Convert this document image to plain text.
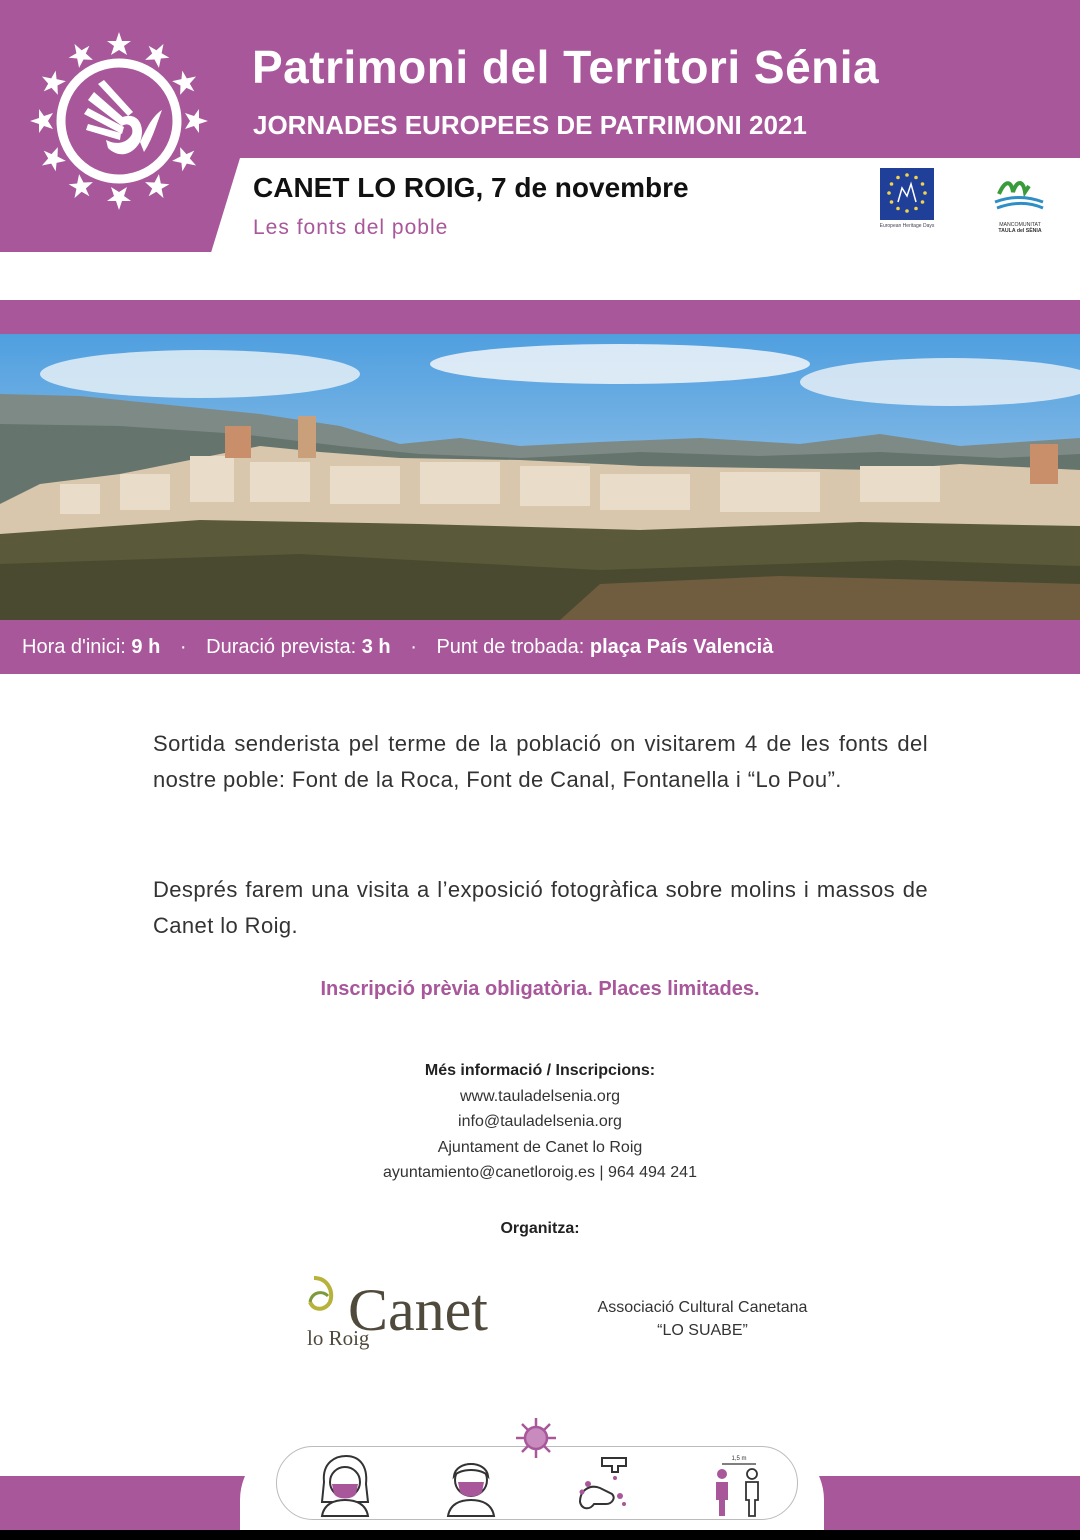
Patrimoni del Territori Sénia
JORNADES EUROPEES DE PATRIMONI 2021
CANET LO ROIG, 7 de novembre
Les fonts del poble	European Heritage Days	MANCOMUNITAT
TAULA del SÈNIA
Hora d'inici: 9 h · Duració prevista: 3 h · Punt de trobada: plaça País Valencià
Sortida senderista pel terme de la població on visitarem 4 de les fonts del nostre poble: Font de la Roca, Font de Canal, Fontanella i “Lo Pou”.
Després farem una visita a l’exposició fotogràfica sobre molins i massos de Canet lo Roig.
Inscripció prèvia obligatòria. Places limitades.
Més informació / Inscripcions:
www.tauladelsenia.org
info@tauladelsenia.org
Ajuntament de Canet lo Roig
ayuntamiento@canetloroig.es | 964 494 241
Organitza:
Canet
lo Roig
Associació Cultural Canetana
“LO SUABE”
1,5 m
